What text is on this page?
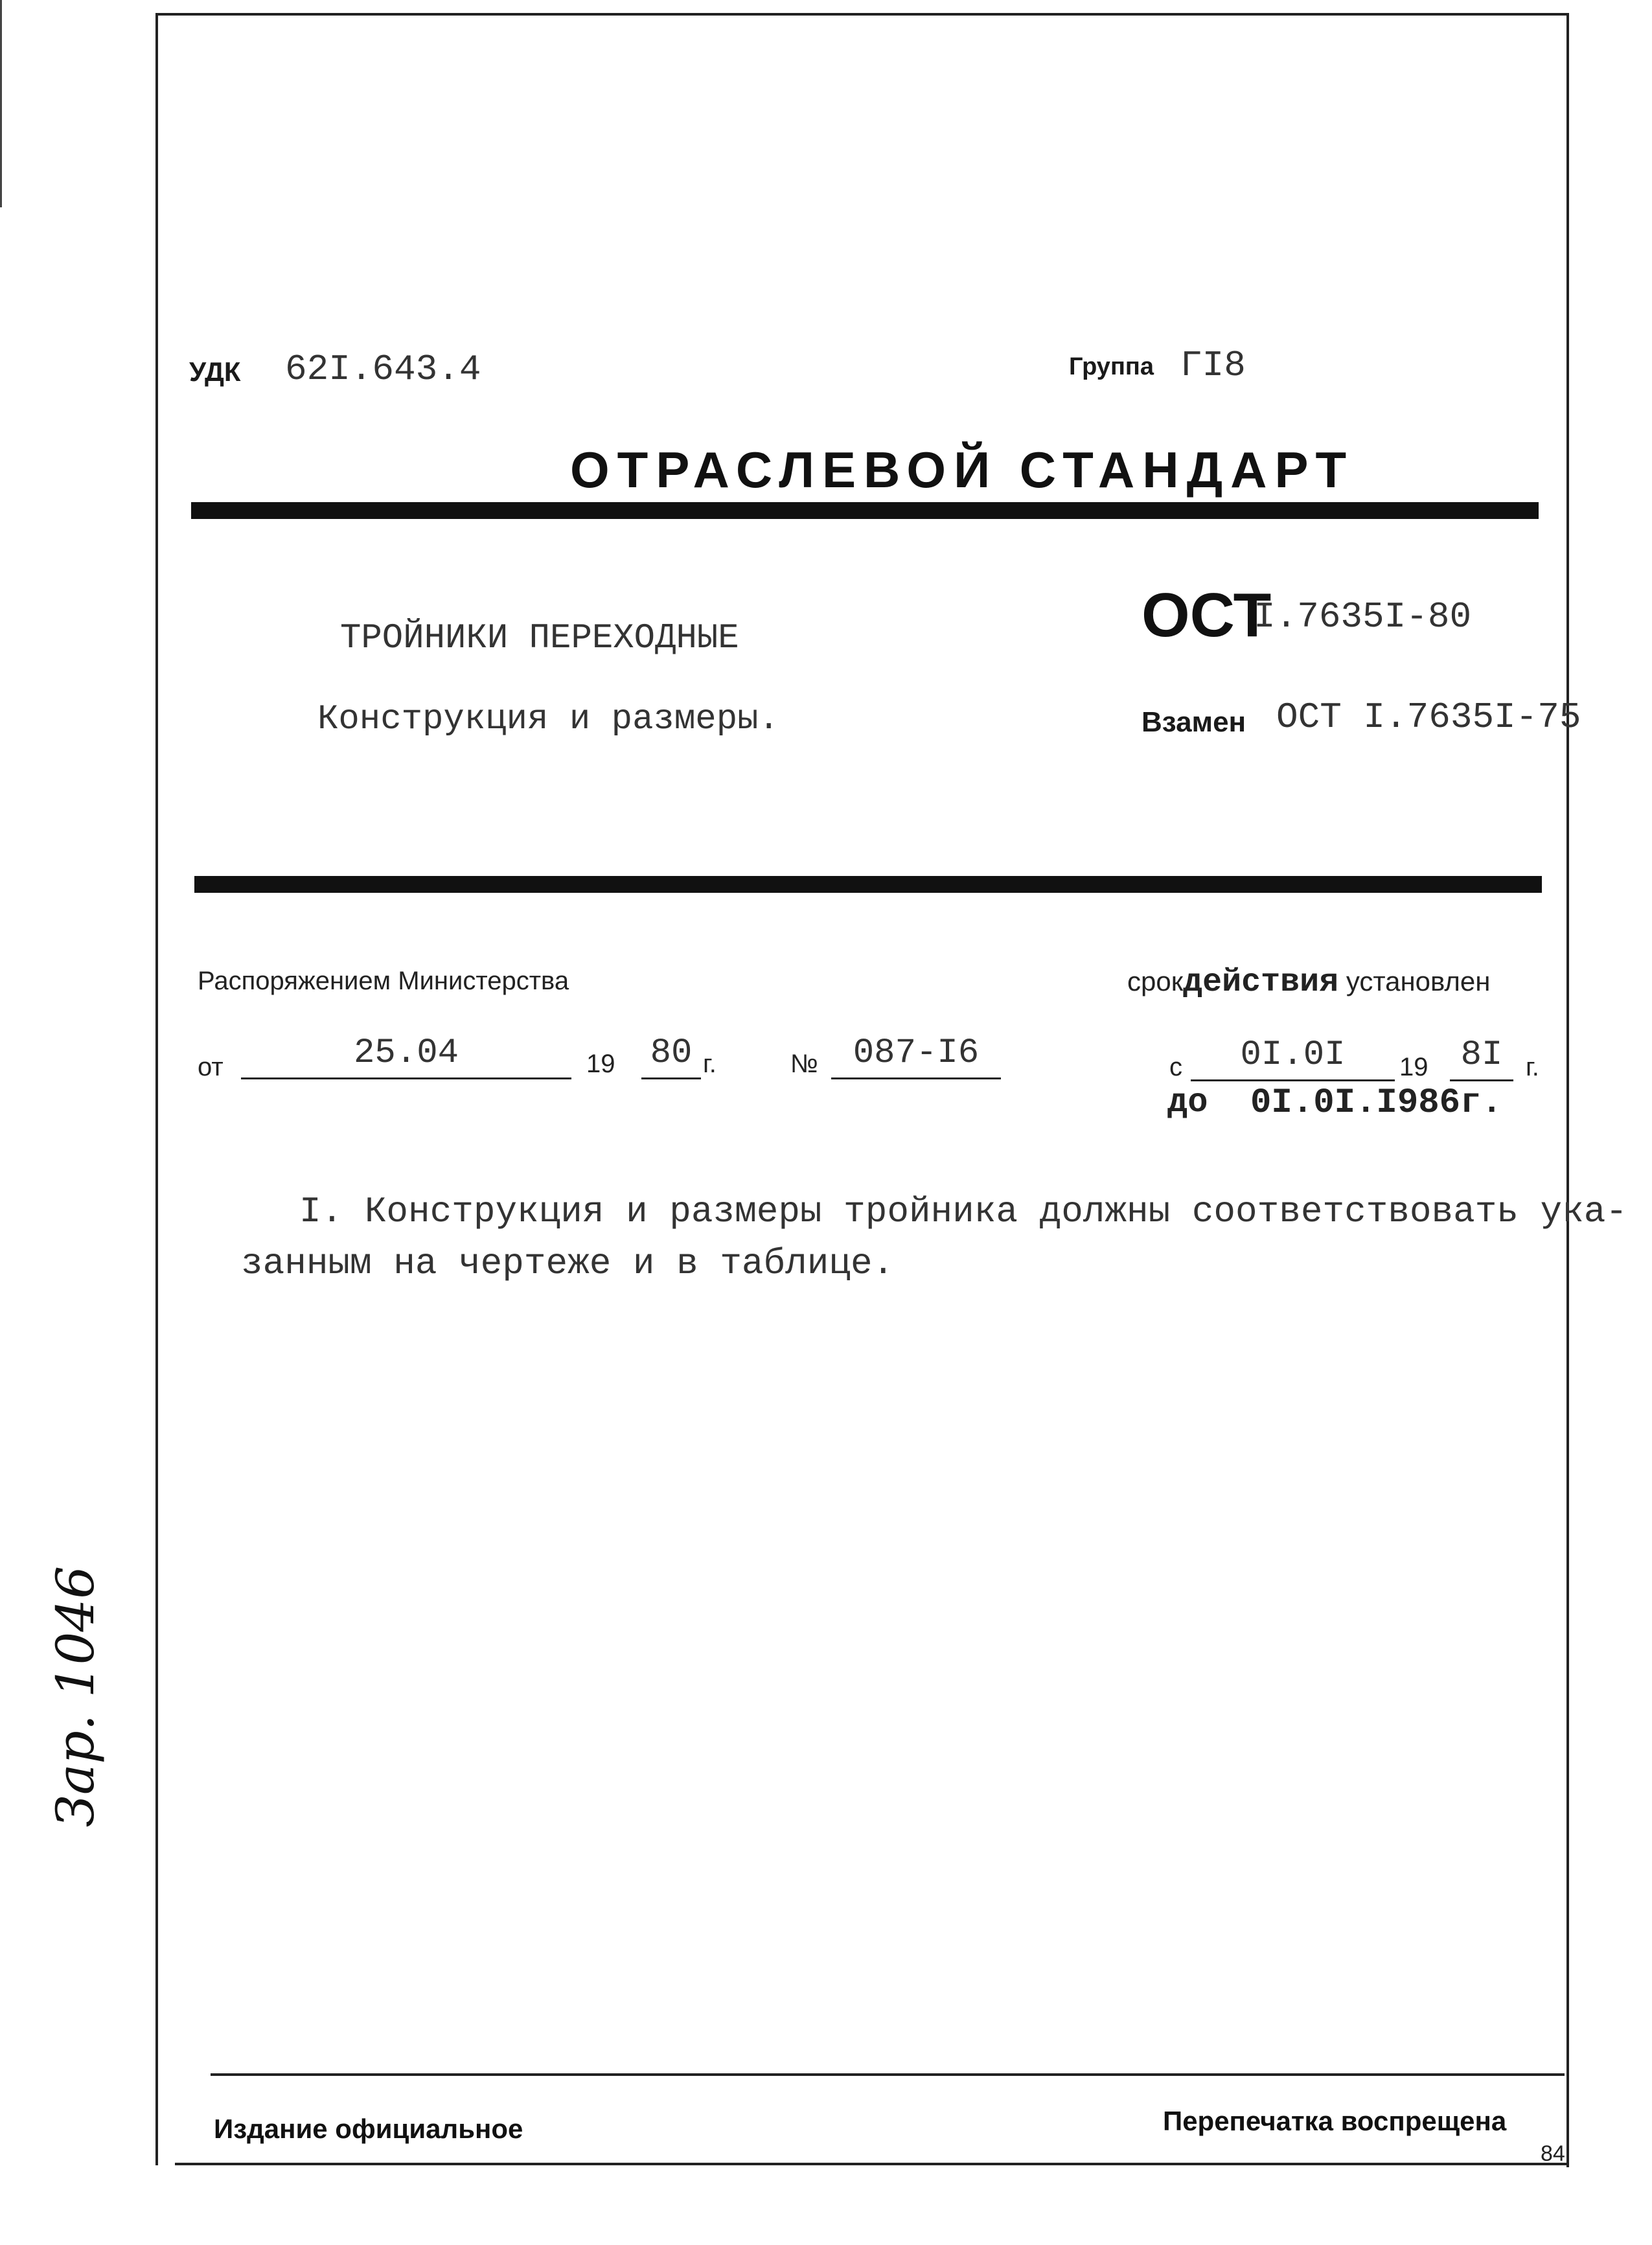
УДК 62I.643.4	Группа ГI8
ОТРАСЛЕВОЙ СТАНДАРТ
ТРОЙНИКИ ПЕРЕХОДНЫЕ
Конструкция и размеры.
ОСТ
I.7635I-80
Взамен ОСТ I.7635I-75
Распоряжением Министерства
от	25.04	19 80 г.	№ 087-I6
срокдействия установлен
с	0I.0I	19 8I г.
до 0I.0I.I986г.
I. Конструкция и размеры тройника должны соответствовать ука-
занным на чертеже и в таблице.
Зар. 1046
Издание официальное	Перепечатка воспрещена
84
